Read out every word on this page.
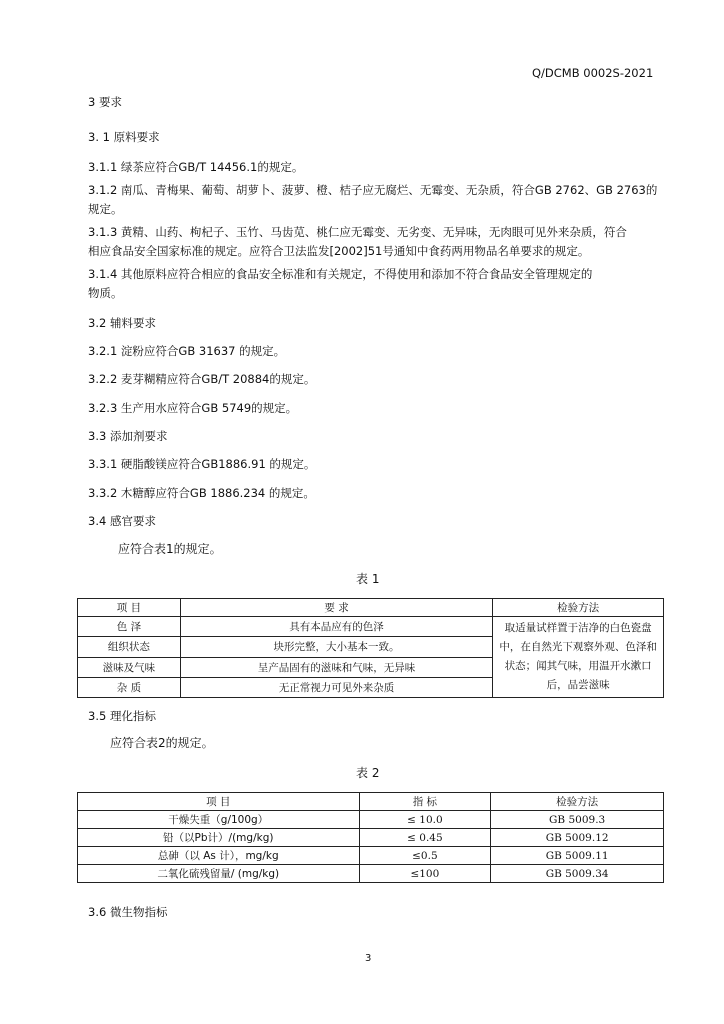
Q/DCMB 0002S-2021
3 要求
3. 1 原料要求
3.1.1 绿茶应符合GB/T 14456.1的规定。
3.1.2 南瓜、青梅果、葡萄、胡萝卜、菠萝、橙、桔子应无腐烂、无霉变、无杂质，符合GB 2762、GB 2763的
规定。
3.1.3 黄精、山药、枸杞子、玉竹、马齿苋、桃仁应无霉变、无劣变、无异味，无肉眼可见外来杂质，符合
相应食品安全国家标准的规定。应符合卫法监发[2002]51号通知中食药两用物品名单要求的规定。
3.1.4 其他原料应符合相应的食品安全标准和有关规定，不得使用和添加不符合食品安全管理规定的
物质。
3.2 辅料要求
3.2.1 淀粉应符合GB 31637 的规定。
3.2.2 麦芽糊精应符合GB/T 20884的规定。
3.2.3 生产用水应符合GB 5749的规定。
3.3 添加剂要求
3.3.1 硬脂酸镁应符合GB1886.91 的规定。
3.3.2 木糖醇应符合GB 1886.234 的规定。
3.4 感官要求
应符合表1的规定。
表 1
项 目	要 求	检验方法
色 泽	具有本品应有的色泽	取适量试样置于洁净的白色瓷盘
中，在自然光下观察外观、色泽和
状态；闻其气味，用温开水漱口
后，品尝滋味

组织状态	块形完整，大小基本一致。	
滋味及气味	呈产品固有的滋味和气味，无异味	
杂 质	无正常视力可见外来杂质	
3.5 理化指标
应符合表2的规定。
表 2
项 目	指 标	检验方法
干燥失重（g/100g）	≤ 10.0	GB 5009.3
铅（以Pb计）/(mg/kg)	≤ 0.45	GB 5009.12
总砷（以 As 计），mg/kg	≤0.5	GB 5009.11
二氧化硫残留量/ (mg/kg)	≤100	GB 5009.34
3.6 微生物指标
3
